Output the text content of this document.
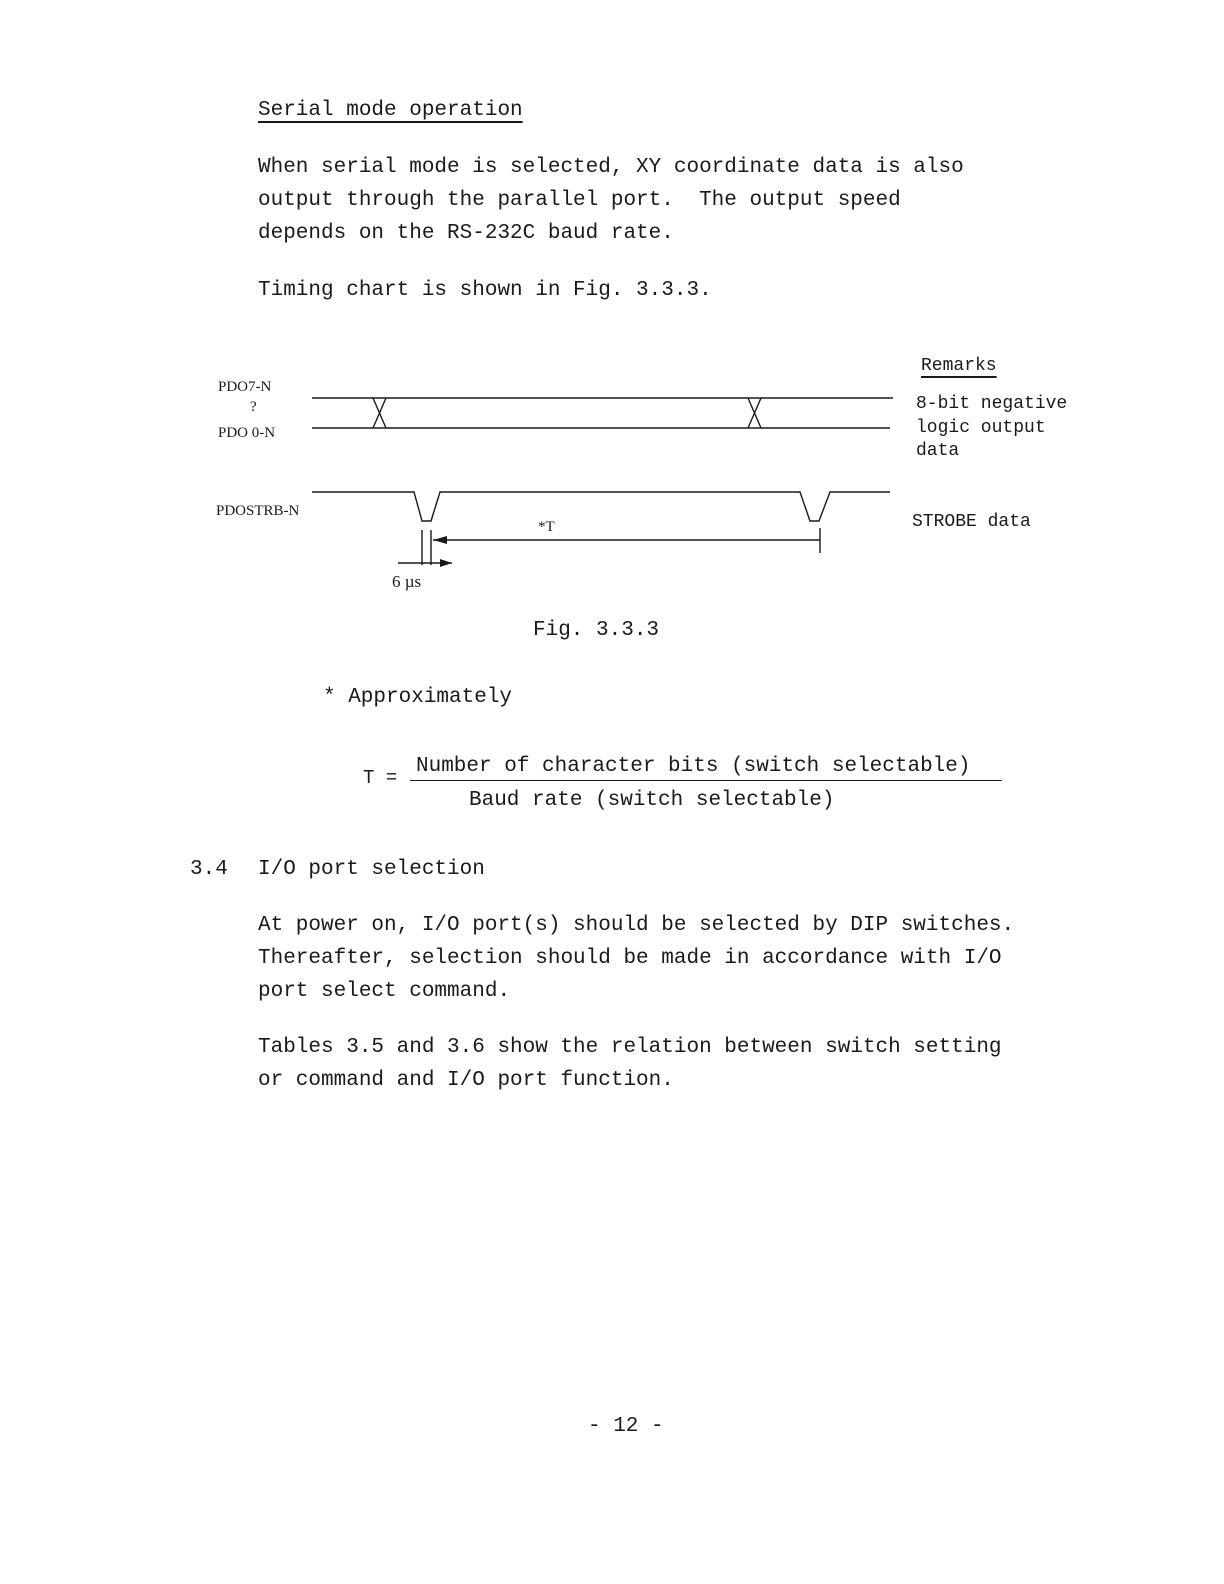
Serial mode operation
When serial mode is selected, XY coordinate data is also
output through the parallel port.  The output speed
depends on the RS-232C baud rate.
Timing chart is shown in Fig. 3.3.3.
PDO7-N
?
PDO 0-N
PDOSTRB-N
*T
6 µs
Remarks
8-bit negative
logic output
data
STROBE data
Fig. 3.3.3
* Approximately
T = Number of character bits (switch selectable)
Baud rate (switch selectable)
3.4 I/O port selection
At power on, I/O port(s) should be selected by DIP switches.
Thereafter, selection should be made in accordance with I/O
port select command.
Tables 3.5 and 3.6 show the relation between switch setting
or command and I/O port function.
- 12 -
